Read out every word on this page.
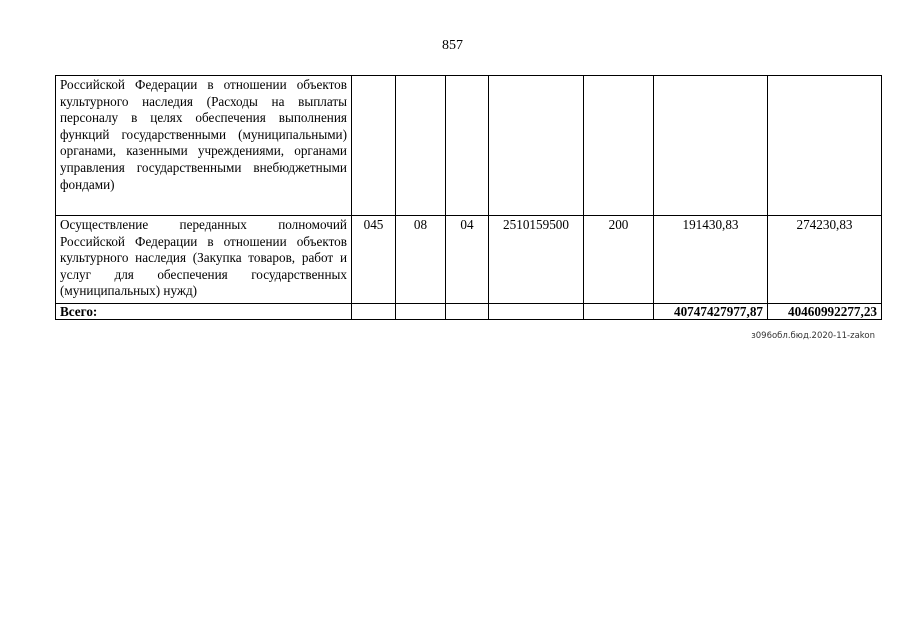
857
Российской Федерации в отношении объектов культурного наследия (Расходы на выплаты персоналу в целях обеспечения выполнения функций государственными (муниципальными) органами, казенными учреждениями, органами управления государственными внебюджетными фондами)							
Осуществление переданных полномочий Российской Федерации в отношении объектов культурного наследия (Закупка товаров, работ и услуг для обеспечения государственных (муниципальных) нужд)	045	08	04	2510159500	200	191430,83	274230,83
Всего:						40747427977,87	40460992277,23
з096обл.бюд.2020-11-zakon
